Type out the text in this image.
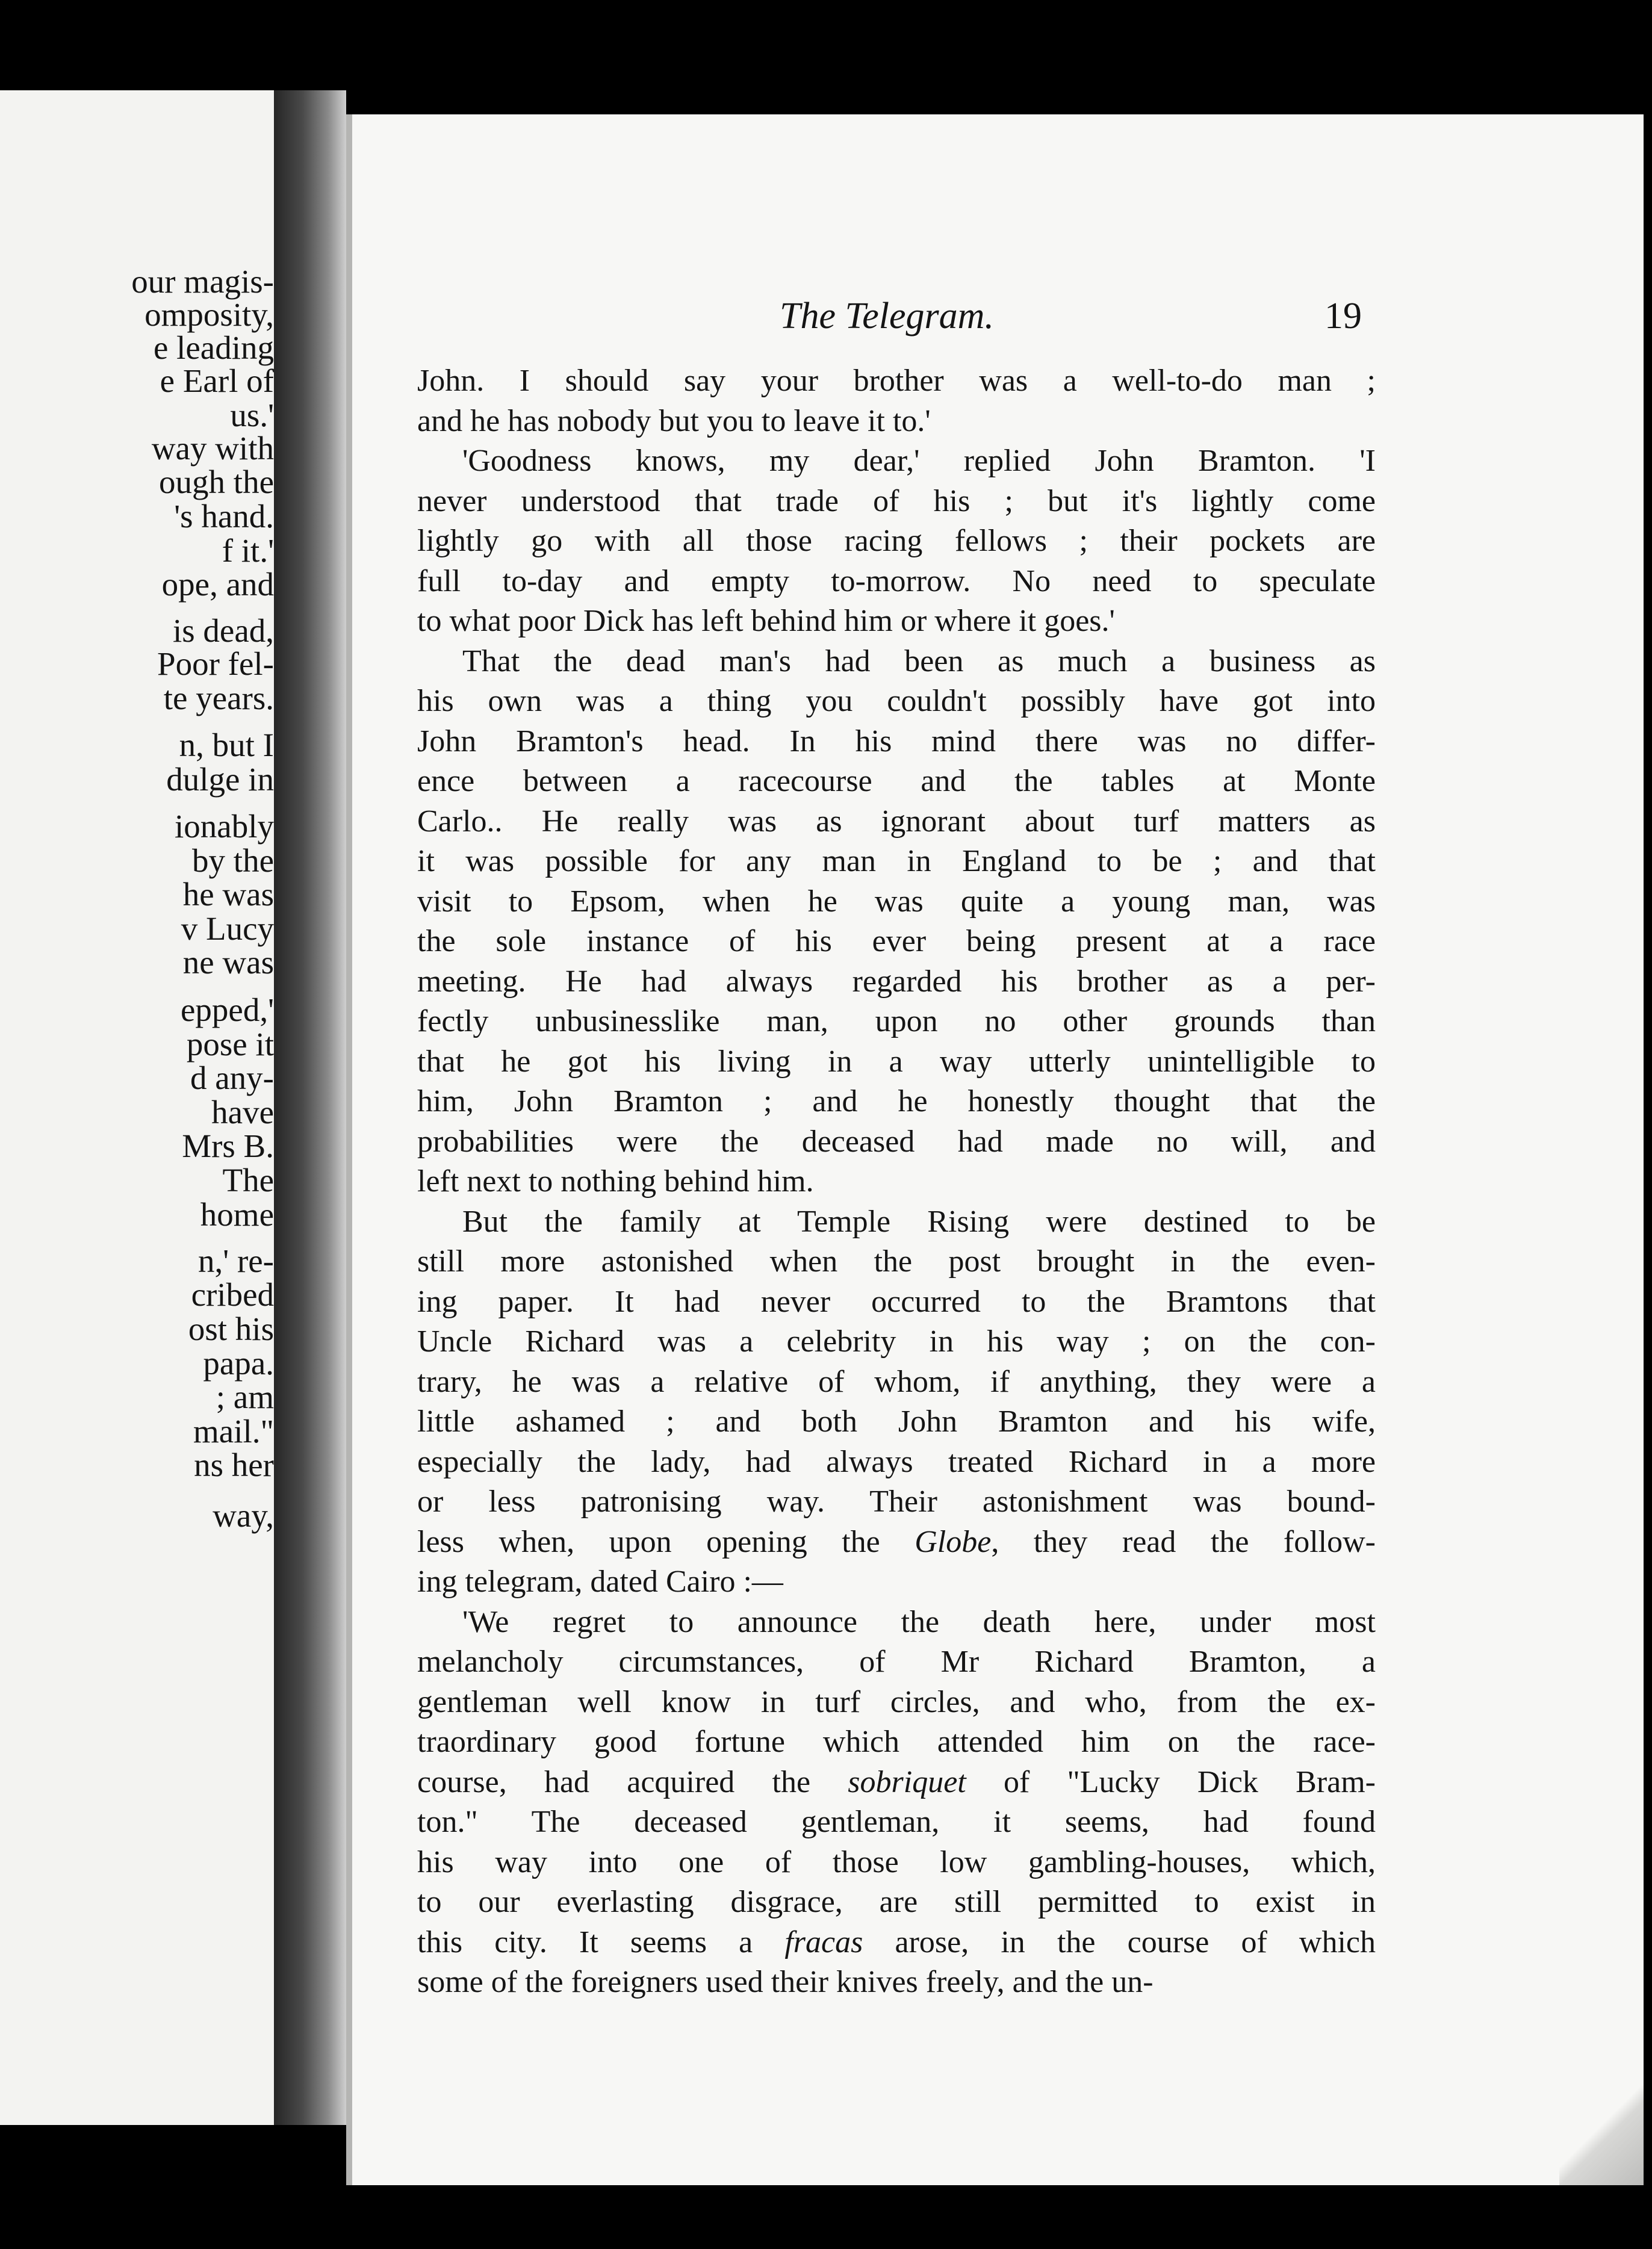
our magis-
omposity,
e leading
e Earl of
us.'
way with
ough the
's hand.
f it.'
ope, and
is dead,
Poor fel-
te years.
n, but I
dulge in
ionably
by the
he was
v Lucy
ne was
epped,'
pose it
d any-
have
Mrs B.
The
home
n,' re-
cribed
ost his
papa.
; am
mail."
ns her
way,
The Telegram.	19
John. I should say your brother was a well-to-do man ;
and he has nobody but you to leave it to.'
'Goodness knows, my dear,' replied John Bramton. 'I
never understood that trade of his ; but it's lightly come
lightly go with all those racing fellows ; their pockets are
full to-day and empty to-morrow. No need to speculate
to what poor Dick has left behind him or where it goes.'
That the dead man's had been as much a business as
his own was a thing you couldn't possibly have got into
John Bramton's head. In his mind there was no differ-
ence between a racecourse and the tables at Monte
Carlo.. He really was as ignorant about turf matters as
it was possible for any man in England to be ; and that
visit to Epsom, when he was quite a young man, was
the sole instance of his ever being present at a race
meeting. He had always regarded his brother as a per-
fectly unbusinesslike man, upon no other grounds than
that he got his living in a way utterly unintelligible to
him, John Bramton ; and he honestly thought that the
probabilities were the deceased had made no will, and
left next to nothing behind him.
But the family at Temple Rising were destined to be
still more astonished when the post brought in the even-
ing paper. It had never occurred to the Bramtons that
Uncle Richard was a celebrity in his way ; on the con-
trary, he was a relative of whom, if anything, they were a
little ashamed ; and both John Bramton and his wife,
especially the lady, had always treated Richard in a more
or less patronising way. Their astonishment was bound-
less when, upon opening the Globe, they read the follow-
ing telegram, dated Cairo :—
'We regret to announce the death here, under most
melancholy circumstances, of Mr Richard Bramton, a
gentleman well know in turf circles, and who, from the ex-
traordinary good fortune which attended him on the race-
course, had acquired the sobriquet of "Lucky Dick Bram-
ton." The deceased gentleman, it seems, had found
his way into one of those low gambling-houses, which,
to our everlasting disgrace, are still permitted to exist in
this city. It seems a fracas arose, in the course of which
some of the foreigners used their knives freely, and the un-
